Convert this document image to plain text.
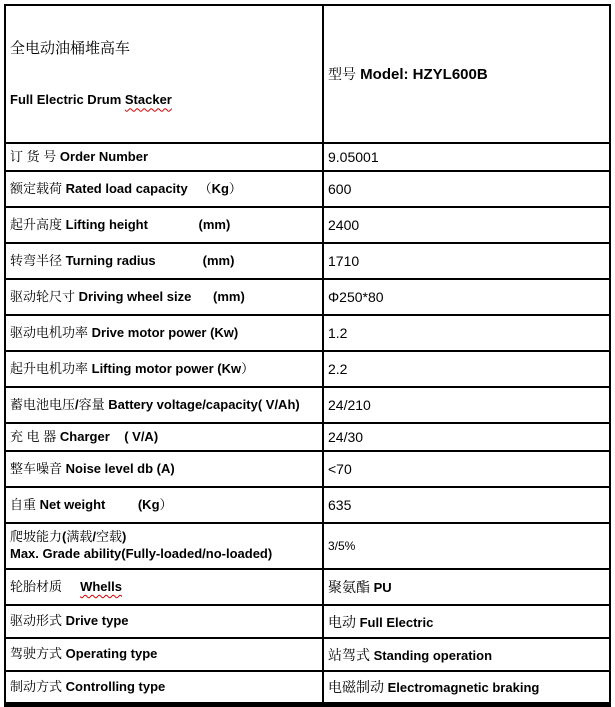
全电动油桶堆高车

Full Electric Drum Stacker	型号 Model: HZYL600B
订 货 号 Order Number	9.05001
额定载荷 Rated load capacity   （Kg）	600
起升高度 Lifting height              (mm)	2400
转弯半径 Turning radius             (mm)	1710
驱动轮尺寸 Driving wheel size      (mm)	Φ250*80
驱动电机功率 Drive motor power (Kw)	1.2
起升电机功率 Lifting motor power (Kw）	2.2
蓄电池电压/容量 Battery voltage/capacity( V/Ah)	24/210
充 电 器 Charger    ( V/A)	24/30
整车噪音 Noise level db (A)	<70
自重 Net weight         (Kg）	635
爬坡能力(满载/空载)
Max. Grade ability(Fully-loaded/no-loaded)	3/5%
轮胎材质 Whells	聚氨酯 PU
驱动形式 Drive type	电动 Full Electric
驾驶方式 Operating type	站驾式 Standing operation
制动方式 Controlling type	电磁制动 Electromagnetic braking
